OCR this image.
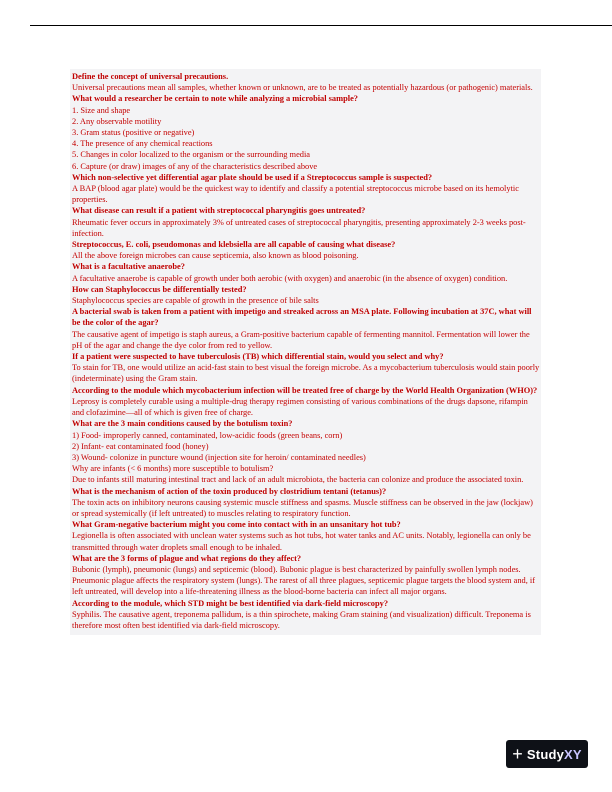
Define the concept of universal precautions.
Universal precautions mean all samples, whether known or unknown, are to be treated as potentially hazardous (or pathogenic) materials.
What would a researcher be certain to note while analyzing a microbial sample?
1. Size and shape
2. Any observable motility
3. Gram status (positive or negative)
4. The presence of any chemical reactions
5. Changes in color localized to the organism or the surrounding media
6. Capture (or draw) images of any of the characteristics described above
Which non-selective yet differential agar plate should be used if a Streptococcus sample is suspected?
A BAP (blood agar plate) would be the quickest way to identify and classify a potential streptococcus microbe based on its hemolytic properties.
What disease can result if a patient with streptococcal pharyngitis goes untreated?
Rheumatic fever occurs in approximately 3% of untreated cases of streptococcal pharyngitis, presenting approximately 2-3 weeks post-infection.
Streptococcus, E. coli, pseudomonas and klebsiella are all capable of causing what disease?
All the above foreign microbes can cause septicemia, also known as blood poisoning.
What is a facultative anaerobe?
A facultative anaerobe is capable of growth under both aerobic (with oxygen) and anaerobic (in the absence of oxygen) condition.
How can Staphylococcus be differentially tested?
Staphylococcus species are capable of growth in the presence of bile salts
A bacterial swab is taken from a patient with impetigo and streaked across an MSA plate. Following incubation at 37C, what will be the color of the agar?
The causative agent of impetigo is staph aureus, a Gram-positive bacterium capable of fermenting mannitol. Fermentation will lower the pH of the agar and change the dye color from red to yellow.
If a patient were suspected to have tuberculosis (TB) which differential stain, would you select and why?
To stain for TB, one would utilize an acid-fast stain to best visual the foreign microbe. As a mycobacterium tuberculosis would stain poorly (indeterminate) using the Gram stain.
According to the module which mycobacterium infection will be treated free of charge by the World Health Organization (WHO)?
Leprosy is completely curable using a multiple-drug therapy regimen consisting of various combinations of the drugs dapsone, rifampin and clofazimine—all of which is given free of charge.
What are the 3 main conditions caused by the botulism toxin?
1) Food- improperly canned, contaminated, low-acidic foods (green beans, corn)
2) Infant- eat contaminated food (honey)
3) Wound- colonize in puncture wound (injection site for heroin/ contaminated needles)
Why are infants (< 6 months) more susceptible to botulism?
Due to infants still maturing intestinal tract and lack of an adult microbiota, the bacteria can colonize and produce the associated toxin.
What is the mechanism of action of the toxin produced by clostridium tentani (tetanus)?
The toxin acts on inhibitory neurons causing systemic muscle stiffness and spasms. Muscle stiffness can be observed in the jaw (lockjaw) or spread systemically (if left untreated) to muscles relating to respiratory function.
What Gram-negative bacterium might you come into contact with in an unsanitary hot tub?
Legionella is often associated with unclean water systems such as hot tubs, hot water tanks and AC units. Notably, legionella can only be transmitted through water droplets small enough to be inhaled.
What are the 3 forms of plague and what regions do they affect?
Bubonic (lymph), pneumonic (lungs) and septicemic (blood). Bubonic plague is best characterized by painfully swollen lymph nodes. Pneumonic plague affects the respiratory system (lungs). The rarest of all three plagues, septicemic plague targets the blood system and, if left untreated, will develop into a life-threatening illness as the blood-borne bacteria can infect all major organs.
According to the module, which STD might be best identified via dark-field microscopy?
Syphilis. The causative agent, treponema pallidum, is a thin spirochete, making Gram staining (and visualization) difficult. Treponema is therefore most often best identified via dark-field microscopy.
+ Study XY
